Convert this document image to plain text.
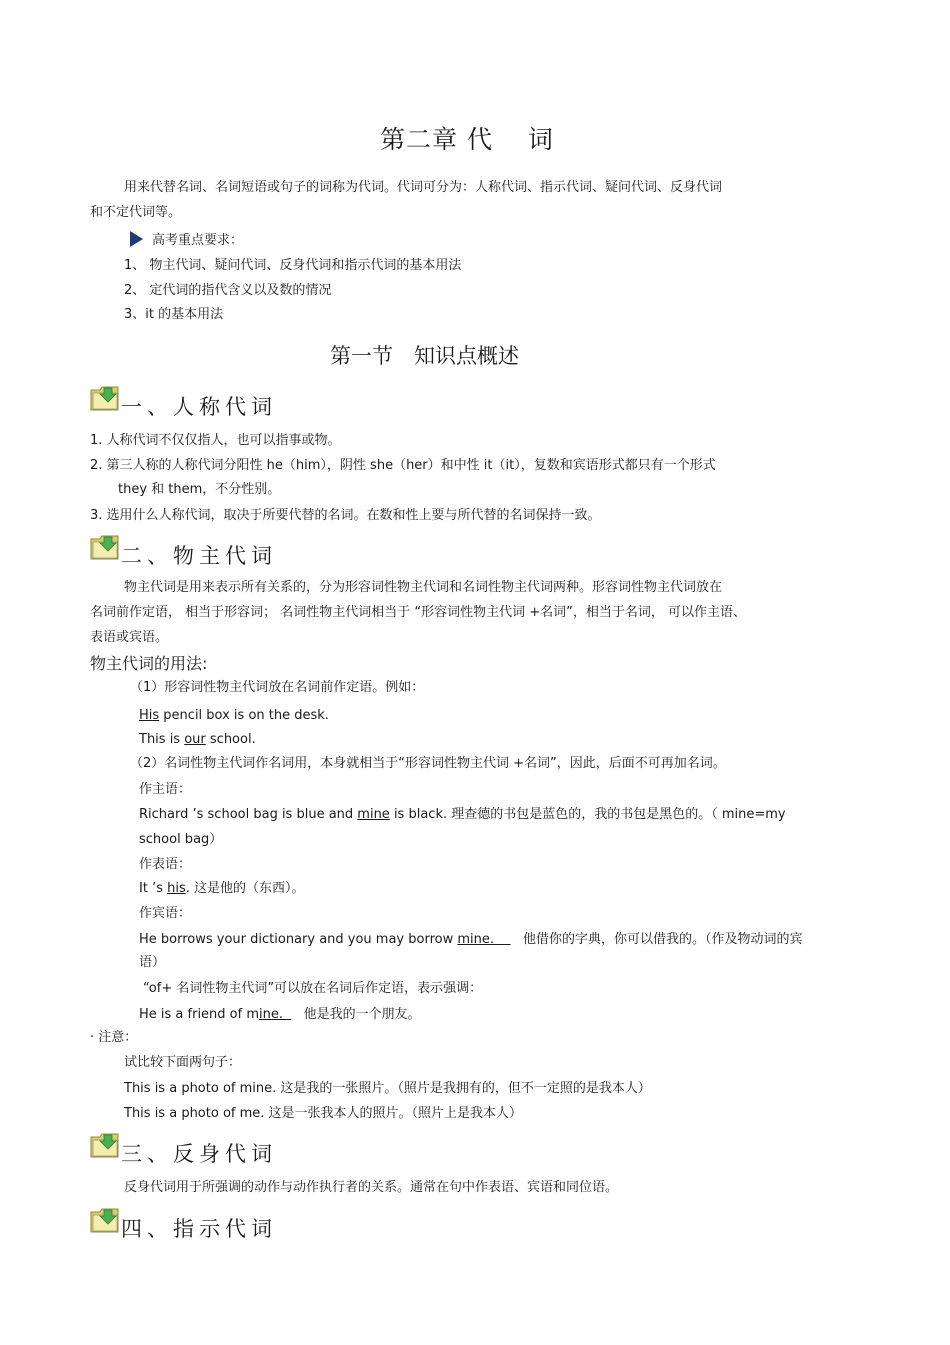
第二章 代　 词
用来代替名词、名词短语或句子的词称为代词。代词可分为：人称代词、指示代词、疑问代词、反身代词
和不定代词等。
高考重点要求：
1、 物主代词、疑问代词、反身代词和指示代词的基本用法
2、 定代词的指代含义以及数的情况
3、it 的基本用法
第一节　知识点概述
一、人称代词
1. 人称代词不仅仅指人，也可以指事或物。
2. 第三人称的人称代词分阳性 he（him），阴性 she（her）和中性 it（it），复数和宾语形式都只有一个形式
they 和 them，不分性别。
3. 选用什么人称代词，取决于所要代替的名词。在数和性上要与所代替的名词保持一致。
二、物主代词
物主代词是用来表示所有关系的，分为形容词性物主代词和名词性物主代词两种。形容词性物主代词放在
名词前作定语， 相当于形容词； 名词性物主代词相当于 “形容词性物主代词 +名词”，相当于名词， 可以作主语、
表语或宾语。
物主代词的用法:
（1）形容词性物主代词放在名词前作定语。例如：
His pencil box is on the desk.
This is our school.
（2）名词性物主代词作名词用，本身就相当于“形容词性物主代词 +名词”，因此，后面不可再加名词。
作主语：
Richard ’s school bag is blue and mine is black. 理查德的书包是蓝色的，我的书包是黑色的。（ mine=my
school bag）
作表语：
It ’s his. 这是他的（东西）。
作宾语：
He borrows your dictionary and you may borrow mine.       他借你的字典，你可以借我的。（作及物动词的宾
语）
“of+ 名词性物主代词”可以放在名词后作定语，表示强调：
He is a friend of mine.     他是我的一个朋友。
· 注意：
试比较下面两句子：
This is a photo of mine. 这是我的一张照片。（照片是我拥有的，但不一定照的是我本人）
This is a photo of me. 这是一张我本人的照片。（照片上是我本人）
三、反身代词
反身代词用于所强调的动作与动作执行者的关系。通常在句中作表语、宾语和同位语。
四、指示代词
